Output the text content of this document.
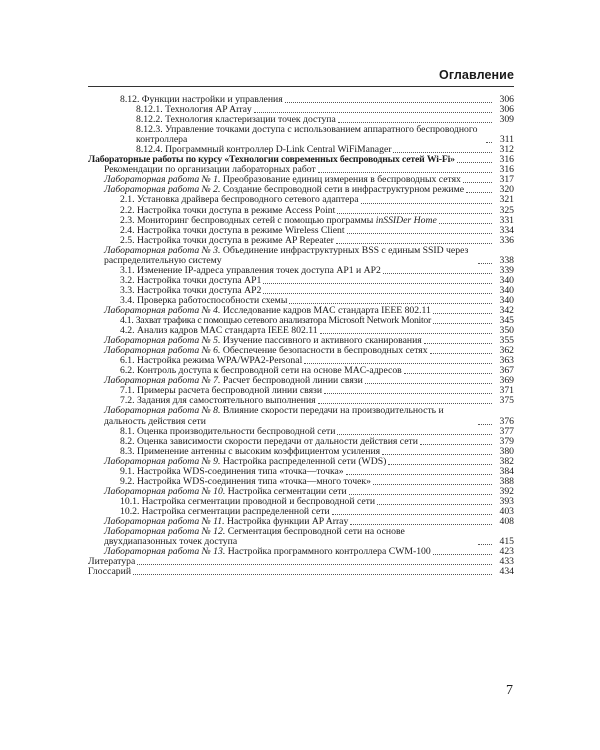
Оглавление
8.12. Функции настройки и управления	306
8.12.1. Технология AP Array	306
8.12.2. Технология кластеризации точек доступа	309
8.12.3. Управление точками доступа с использованием аппаратного беспроводного контроллера	311
8.12.4. Программный контроллер D-Link Central WiFiManager	312
Лабораторные работы по курсу «Технологии современных беспроводных сетей Wi-Fi»	316
Рекомендации по организации лабораторных работ	316
Лабораторная работа № 1. Преобразование единиц измерения в беспроводных сетях	317
Лабораторная работа № 2. Создание беспроводной сети в инфраструктурном режиме	320
2.1. Установка драйвера беспроводного сетевого адаптера	321
2.2. Настройка точки доступа в режиме Access Point	325
2.3. Мониторинг беспроводных сетей с помощью программы inSSIDer Home	331
2.4. Настройка точки доступа в режиме Wireless Client	334
2.5. Настройка точки доступа в режиме AP Repeater	336
Лабораторная работа № 3. Объединение инфраструктурных BSS с единым SSID через распределительную систему	338
3.1. Изменение IP-адреса управления точек доступа AP1 и AP2	339
3.2. Настройка точки доступа AP1	340
3.3. Настройка точки доступа AP2	340
3.4. Проверка работоспособности схемы	340
Лабораторная работа № 4. Исследование кадров MAC стандарта IEEE 802.11	342
4.1. Захват трафика с помощью сетевого анализатора Microsoft Network Monitor	345
4.2. Анализ кадров MAC стандарта IEEE 802.11	350
Лабораторная работа № 5. Изучение пассивного и активного сканирования	355
Лабораторная работа № 6. Обеспечение безопасности в беспроводных сетях	362
6.1. Настройка режима WPA/WPA2-Personal	363
6.2. Контроль доступа к беспроводной сети на основе MAC-адресов	367
Лабораторная работа № 7. Расчет беспроводной линии связи	369
7.1. Примеры расчета беспроводной линии связи	371
7.2. Задания для самостоятельного выполнения	375
Лабораторная работа № 8. Влияние скорости передачи на производительность и дальность действия сети	376
8.1. Оценка производительности беспроводной сети	377
8.2. Оценка зависимости скорости передачи от дальности действия сети	379
8.3. Применение антенны с высоким коэффициентом усиления	380
Лабораторная работа № 9. Настройка распределенной сети (WDS)	382
9.1. Настройка WDS-соединения типа «точка—точка»	384
9.2. Настройка WDS-соединения типа «точка—много точек»	388
Лабораторная работа № 10. Настройка сегментации сети	392
10.1. Настройка сегментации проводной и беспроводной сети	393
10.2. Настройка сегментации распределенной сети	403
Лабораторная работа № 11. Настройка функции AP Array	408
Лабораторная работа № 12. Сегментация беспроводной сети на основе двухдиапазонных точек доступа	415
Лабораторная работа № 13. Настройка программного контроллера CWM-100	423
Литература	433
Глоссарий	434
7
